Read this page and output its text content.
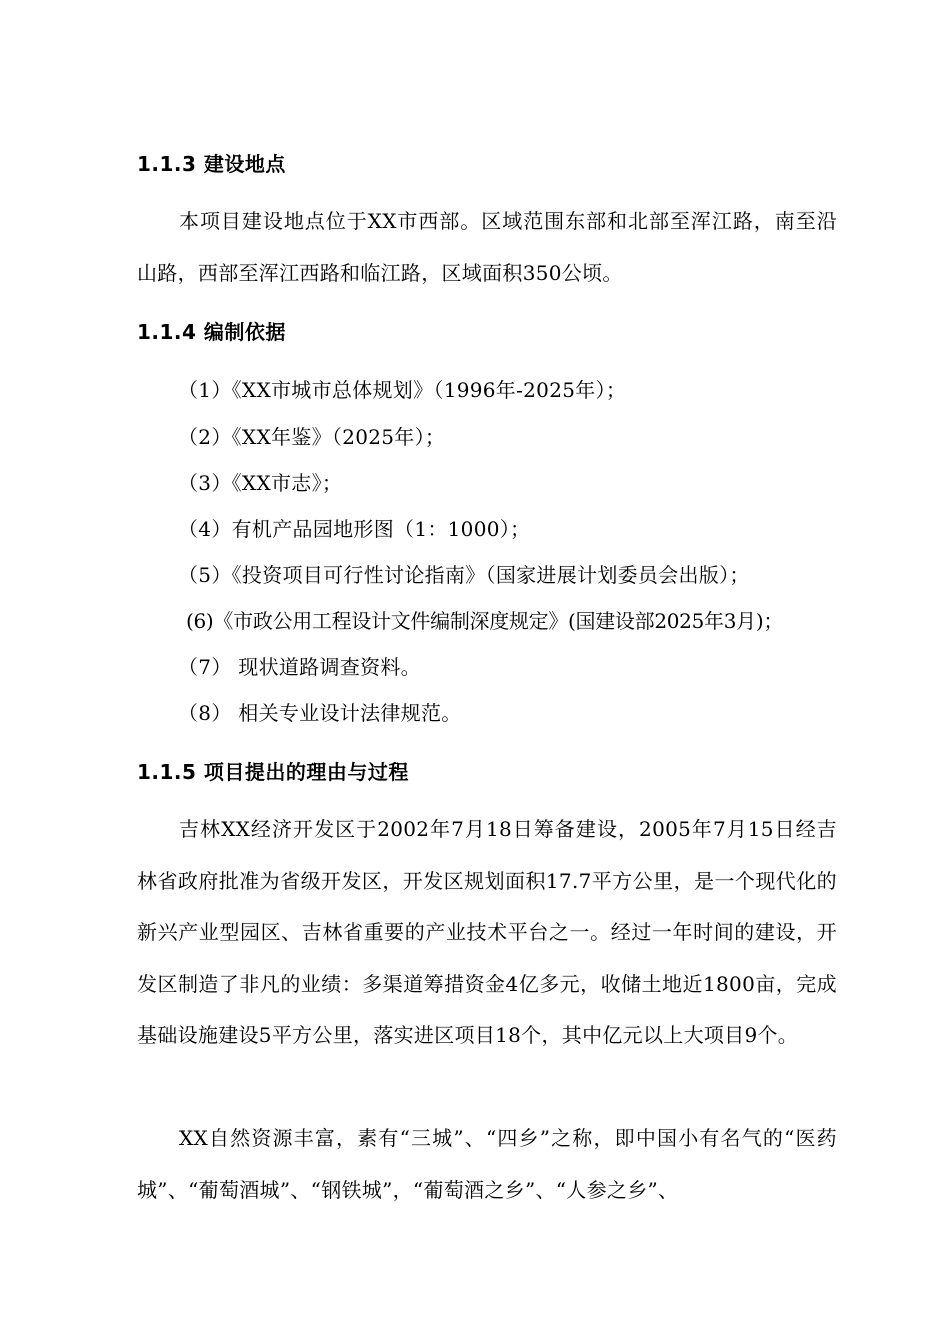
1.1.3 建设地点
本项目建设地点位于XX市西部。区域范围东部和北部至浑江路，南至沿山路，西部至浑江西路和临江路，区域面积350公顷。
1.1.4 编制依据
（1）《XX市城市总体规划》（1996年-2025年）；
（2）《XX年鉴》（2025年）；
（3）《XX市志》；
（4）有机产品园地形图（1：1000）；
（5）《投资项目可行性讨论指南》（国家进展计划委员会出版）；
(6)《市政公用工程设计文件编制深度规定》(国建设部2025年3月)；
（7） 现状道路调查资料。
（8） 相关专业设计法律规范。
1.1.5 项目提出的理由与过程
吉林XX经济开发区于2002年7月18日筹备建设，2005年7月15日经吉林省政府批准为省级开发区，开发区规划面积17.7平方公里，是一个现代化的新兴产业型园区、吉林省重要的产业技术平台之一。经过一年时间的建设，开发区制造了非凡的业绩：多渠道筹措资金4亿多元，收储土地近1800亩，完成基础设施建设5平方公里，落实进区项目18个，其中亿元以上大项目9个。
XX自然资源丰富，素有“三城”、“四乡”之称，即中国小有名气的“医药城”、“葡萄酒城”、“钢铁城”，“葡萄酒之乡”、“人参之乡”、
